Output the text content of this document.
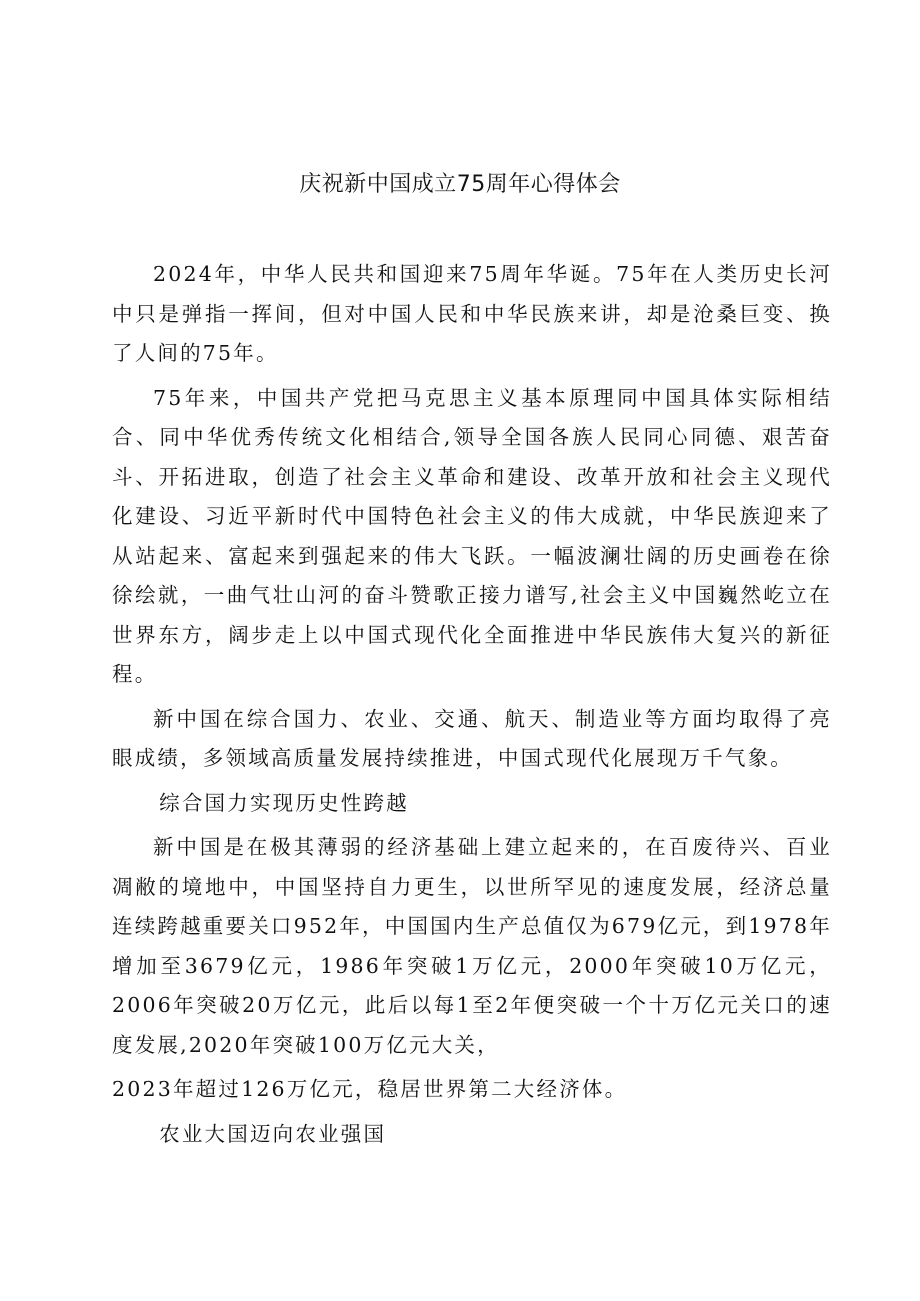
庆祝新中国成立75周年心得体会

2024年，中华人民共和国迎来75周年华诞。75年在人类历史长河中只是弹指一挥间，但对中国人民和中华民族来讲，却是沧桑巨变、换了人间的75年。

75年来，中国共产党把马克思主义基本原理同中国具体实际相结合、同中华优秀传统文化相结合,领导全国各族人民同心同德、艰苦奋斗、开拓进取，创造了社会主义革命和建设、改革开放和社会主义现代化建设、习近平新时代中国特色社会主义的伟大成就，中华民族迎来了从站起来、富起来到强起来的伟大飞跃。一幅波澜壮阔的历史画卷在徐徐绘就，一曲气壮山河的奋斗赞歌正接力谱写,社会主义中国巍然屹立在世界东方，阔步走上以中国式现代化全面推进中华民族伟大复兴的新征程。

新中国在综合国力、农业、交通、航天、制造业等方面均取得了亮眼成绩，多领域高质量发展持续推进，中国式现代化展现万千气象。

综合国力实现历史性跨越

新中国是在极其薄弱的经济基础上建立起来的，在百废待兴、百业凋敝的境地中，中国坚持自力更生，以世所罕见的速度发展，经济总量连续跨越重要关口952年，中国国内生产总值仅为679亿元，到1978年增加至3679亿元，1986年突破1万亿元，2000年突破10万亿元，2006年突破20万亿元，此后以每1至2年便突破一个十万亿元关口的速度发展,2020年突破100万亿元大关，

2023年超过126万亿元，稳居世界第二大经济体。

农业大国迈向农业强国
